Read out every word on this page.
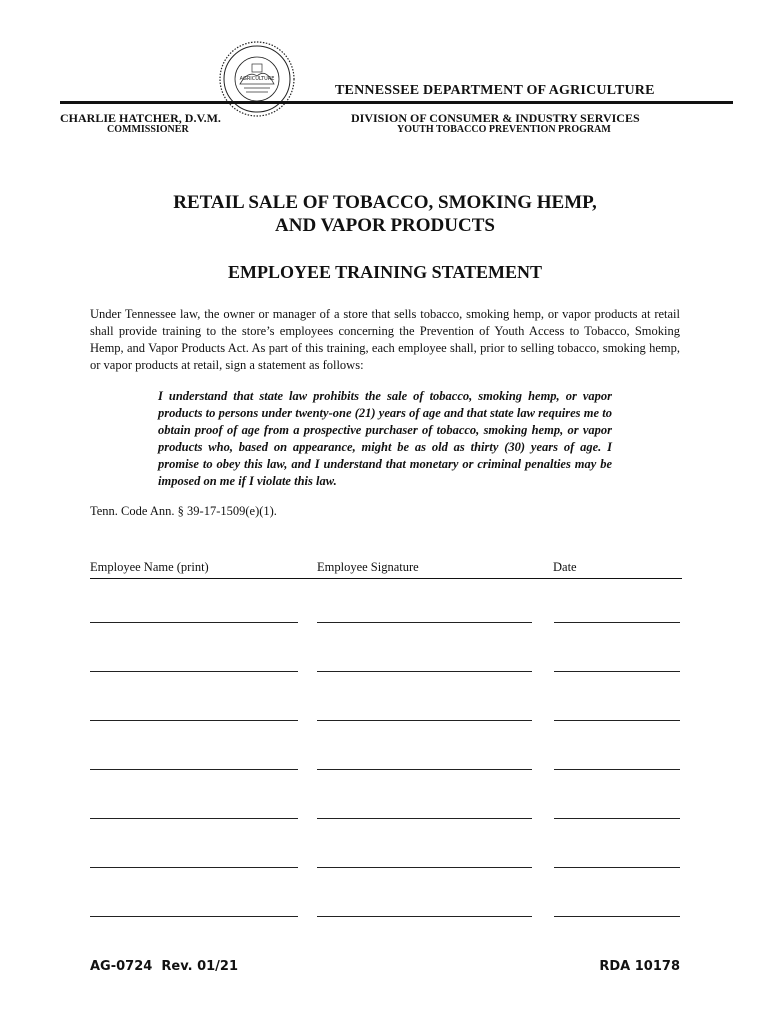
AGRICULTURE
TENNESSEE DEPARTMENT OF AGRICULTURE
CHARLIE HATCHER, D.V.M.
COMMISSIONER
DIVISION OF CONSUMER & INDUSTRY SERVICES
YOUTH TOBACCO PREVENTION PROGRAM
RETAIL SALE OF TOBACCO, SMOKING HEMP,
AND VAPOR PRODUCTS
EMPLOYEE TRAINING STATEMENT
Under Tennessee law, the owner or manager of a store that sells tobacco, smoking hemp, or vapor products at retail shall provide training to the store’s employees concerning the Prevention of Youth Access to Tobacco, Smoking Hemp, and Vapor Products Act. As part of this training, each employee shall, prior to selling tobacco, smoking hemp, or vapor products at retail, sign a statement as follows:
I understand that state law prohibits the sale of tobacco, smoking hemp, or vapor products to persons under twenty-one (21) years of age and that state law requires me to obtain proof of age from a prospective purchaser of tobacco, smoking hemp, or vapor products who, based on appearance, might be as old as thirty (30) years of age. I promise to obey this law, and I understand that monetary or criminal penalties may be imposed on me if I violate this law.
Tenn. Code Ann. § 39-17-1509(e)(1).
Employee Name (print)	Employee Signature	Date
AG-0724  Rev. 01/21	RDA 10178
